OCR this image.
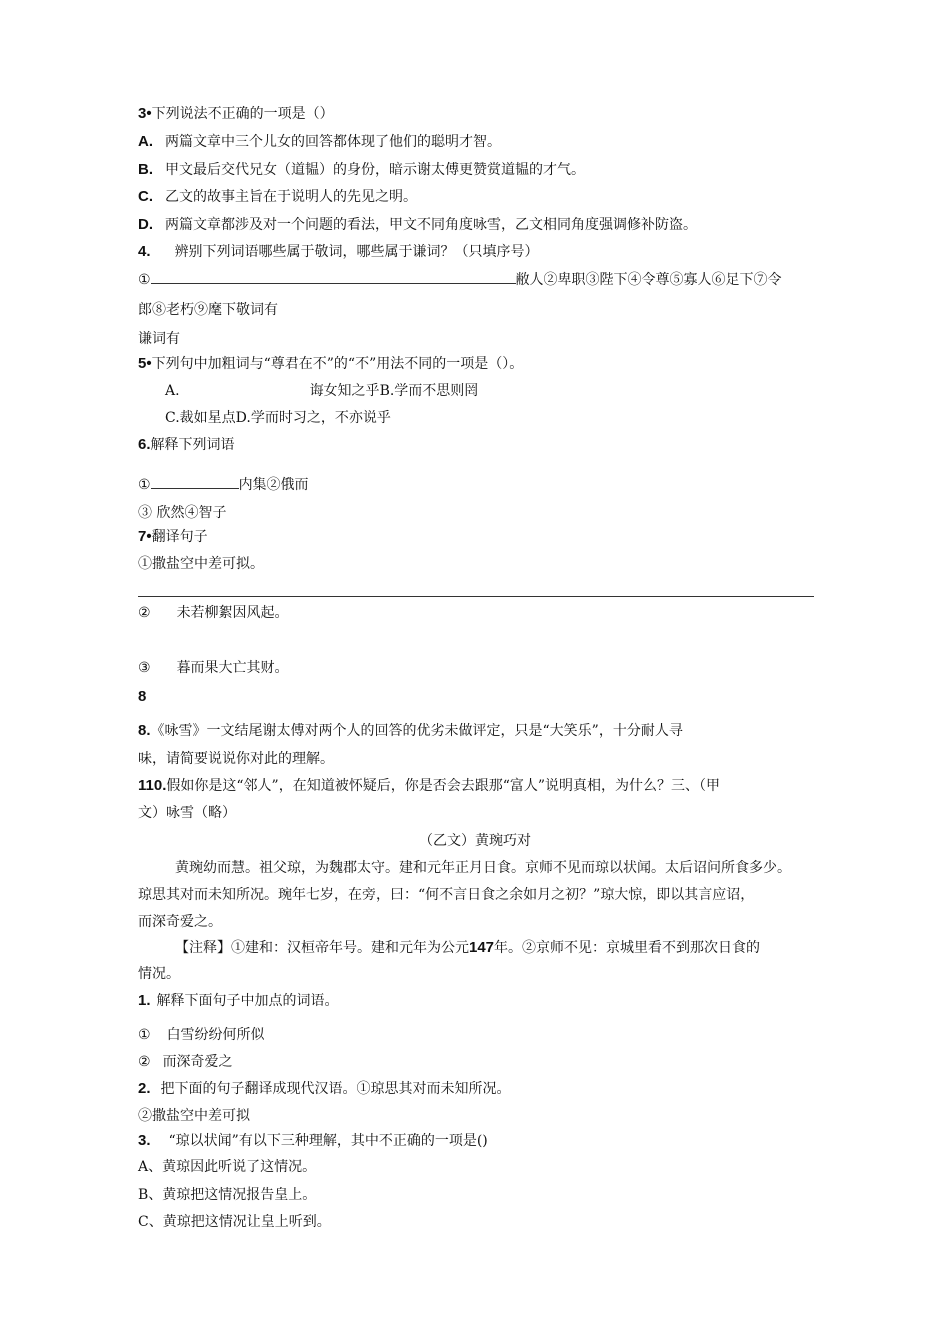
3•下列说法不正确的一项是（）
A. 两篇文章中三个儿女的回答都体现了他们的聪明才智。
B. 甲文最后交代兄女（道韫）的身份，暗示谢太傅更赞赏道韫的才气。
C. 乙文的故事主旨在于说明人的先见之明。
D. 两篇文章都涉及对一个问题的看法，甲文不同角度咏雪，乙文相同角度强调修补防盗。
4. 辨别下列词语哪些属于敬词，哪些属于谦词？（只填序号）
①	敝人②卑职③陛下④令尊⑤寡人⑥足下⑦令
郎⑧老朽⑨麾下敬词有
谦词有
5•下列句中加粗词与“尊君在不”的“不”用法不同的一项是（）。
A.	诲女知之乎B.学而不思则罔
C.裁如星点D.学而时习之，不亦说乎
6.解释下列词语
①	内集②俄而
③ 欣然④智子
7•翻译句子
①撒盐空中差可拟。
② 未若柳絮因风起。
③ 暮而果大亡其财。
8
8.《咏雪》一文结尾谢太傅对两个人的回答的优劣未做评定，只是“大笑乐”，十分耐人寻
味，请简要说说你对此的理解。
110.假如你是这“邻人”，在知道被怀疑后，你是否会去跟那“富人”说明真相，为什么？三、（甲
文）咏雪（略）
（乙文）黄琬巧对
黄琬幼而慧。祖父琼，为魏郡太守。建和元年正月日食。京师不见而琼以状闻。太后诏问所食多少。
琼思其对而未知所况。琬年七岁，在旁，曰：“何不言日食之余如月之初？”琼大惊，即以其言应诏，
而深奇爱之。
【注释】①建和：汉桓帝年号。建和元年为公元147年。②京师不见：京城里看不到那次日食的
情况。
1. 解释下面句子中加点的词语。
① 白雪纷纷何所似
② 而深奇爱之
2. 把下面的句子翻译成现代汉语。①琼思其对而未知所况。
②撒盐空中差可拟
3. “琼以状闻”有以下三种理解，其中不正确的一项是()
A、黄琼因此听说了这情况。
B、黄琼把这情况报告皇上。
C、黄琼把这情况让皇上听到。
